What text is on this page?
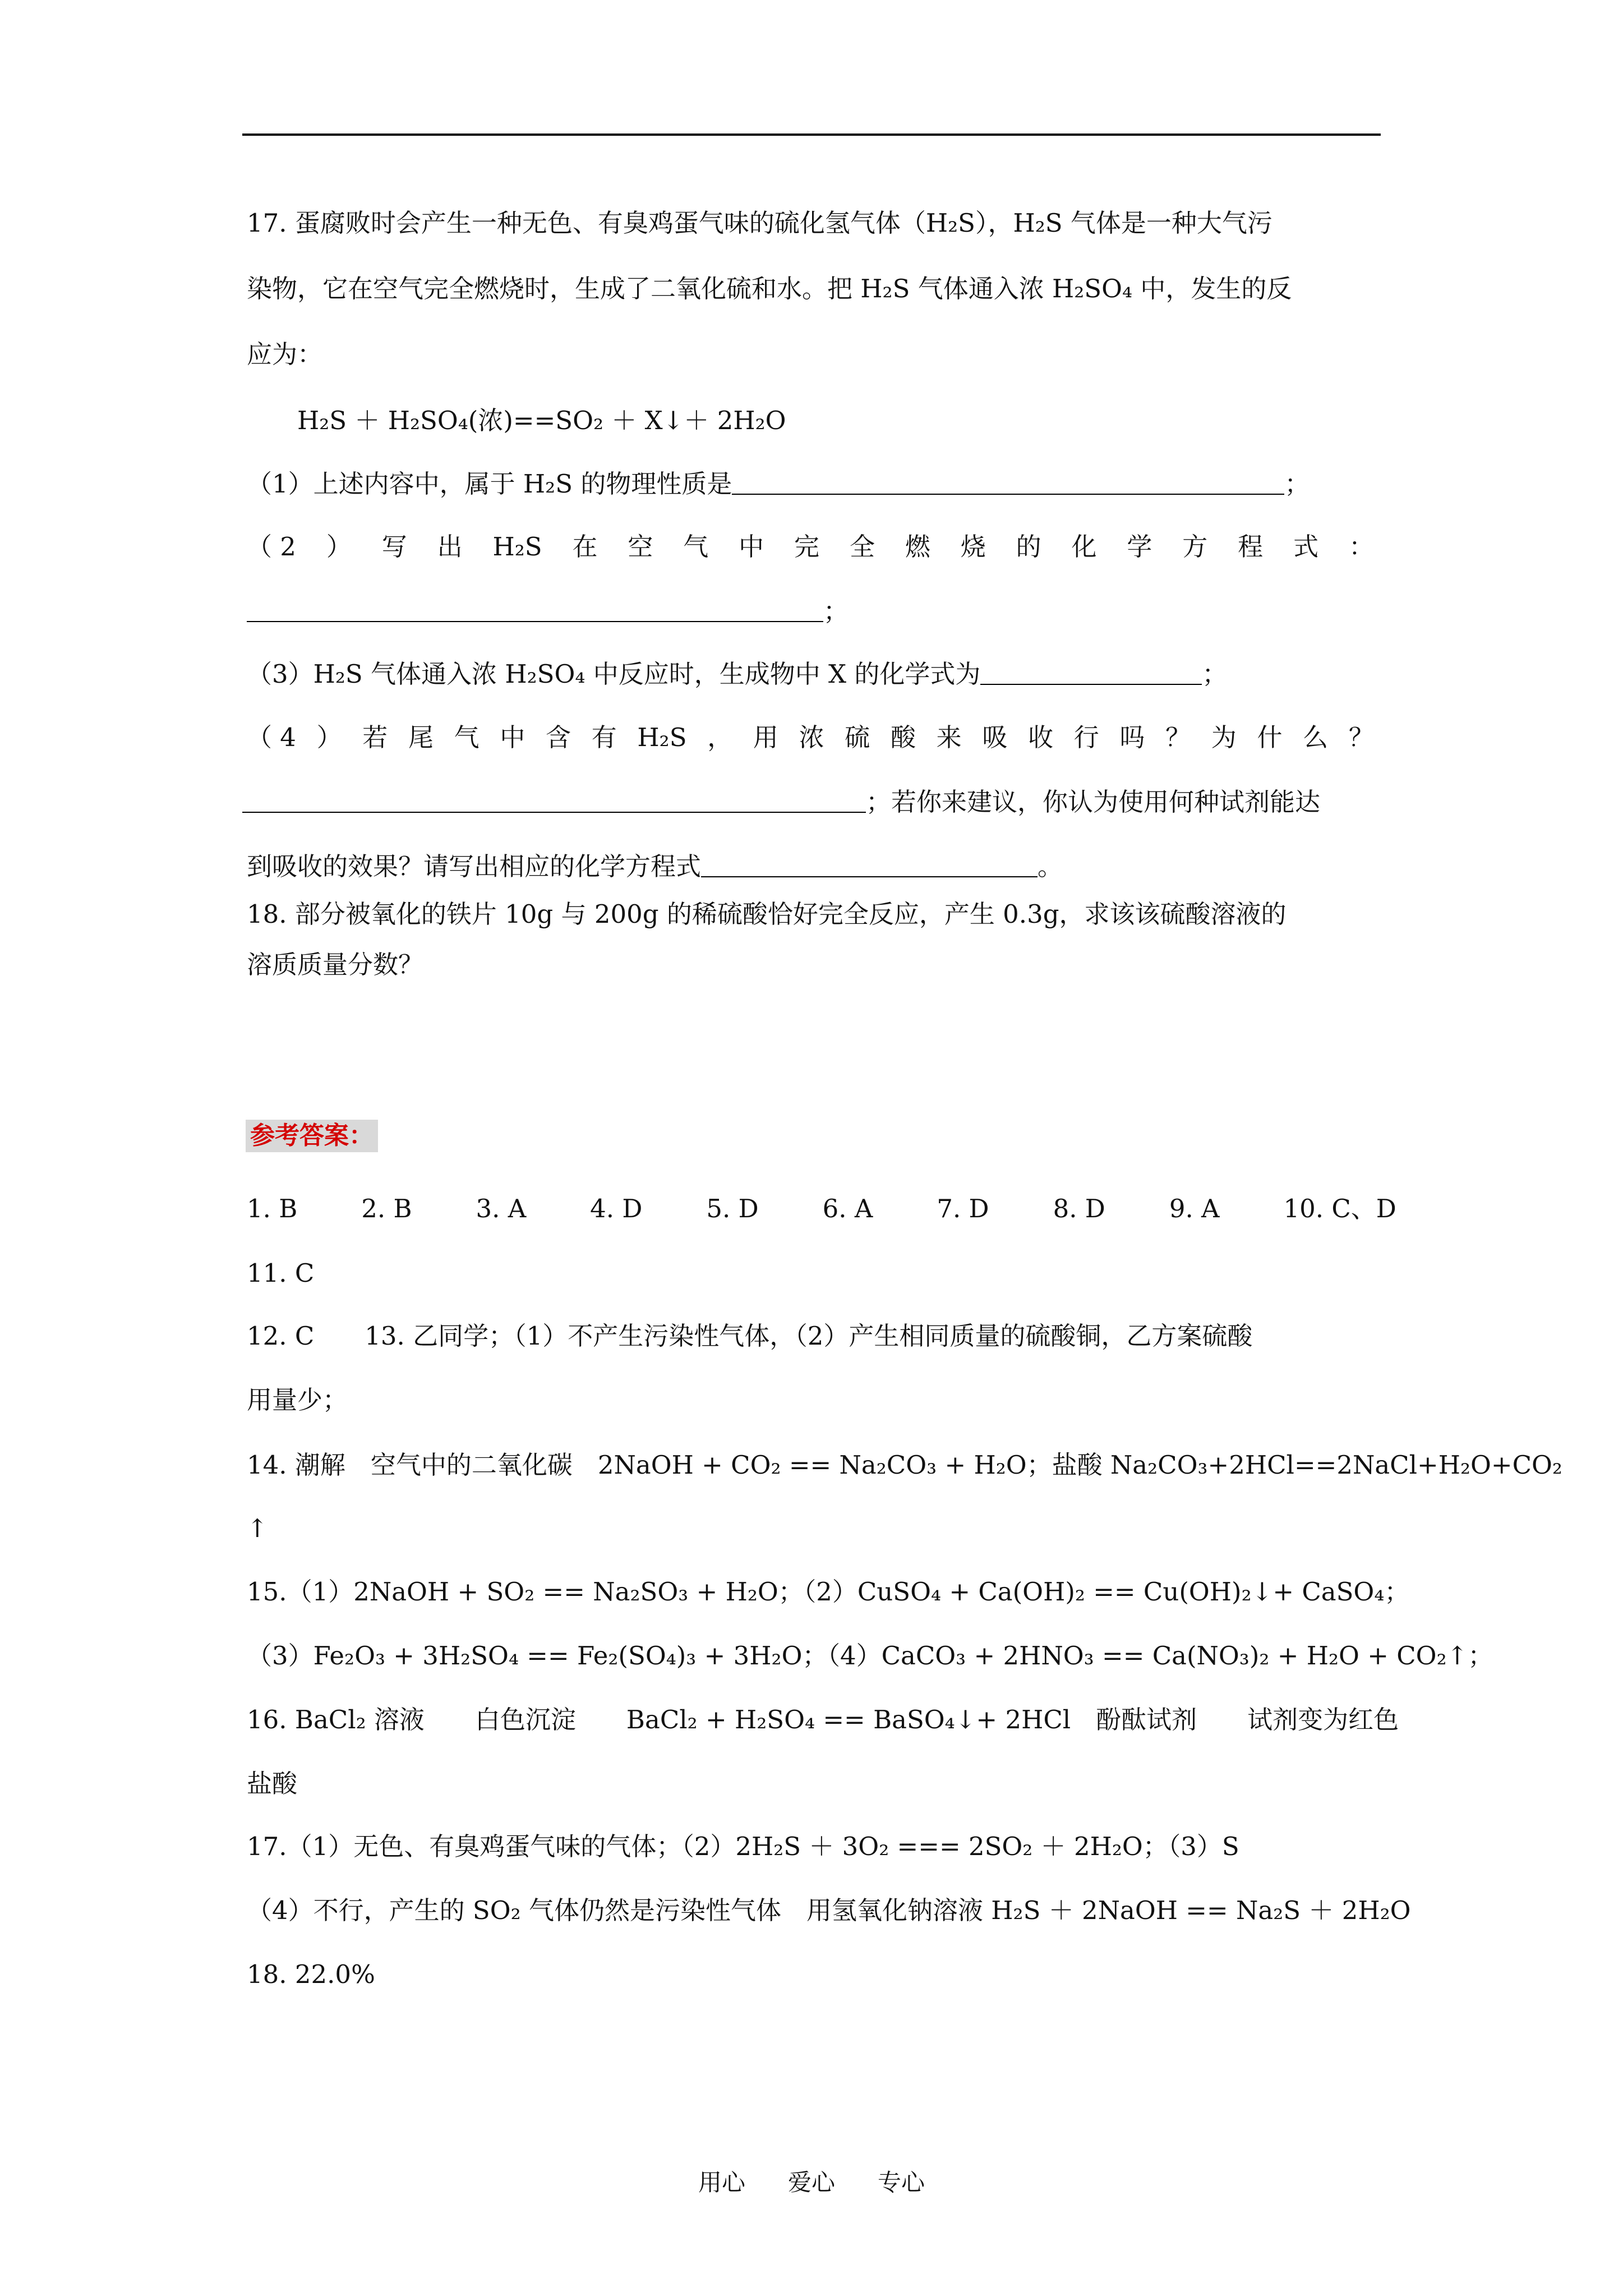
17. 蛋腐败时会产生一种无色、有臭鸡蛋气味的硫化氢气体（H₂S），H₂S 气体是一种大气污
染物，它在空气完全燃烧时，生成了二氧化硫和水。把 H₂S 气体通入浓 H₂SO₄ 中，发生的反
应为：
H₂S ＋ H₂SO₄(浓)==SO₂ ＋ X↓＋ 2H₂O
（1）上述内容中，属于 H₂S 的物理性质是	；
（ 2 ） 写 出 H₂S 在 空 气 中 完 全 燃 烧 的 化 学 方 程 式 ：
；
（3）H₂S 气体通入浓 H₂SO₄ 中反应时，生成物中 X 的化学式为	；
（ 4 ） 若 尾 气 中 含 有 H₂S ， 用 浓 硫 酸 来 吸 收 行 吗 ？ 为 什 么 ？
；若你来建议，你认为使用何种试剂能达
到吸收的效果？请写出相应的化学方程式	。
18. 部分被氧化的铁片 10g 与 200g 的稀硫酸恰好完全反应，产生 0.3g，求该该硫酸溶液的
溶质质量分数？
参考答案：
1. B	2. B	3. A	4. D	5. D	6. A	7. D	8. D	9. A	10. C、D
11. C
12. C　　13. 乙同学；（1）不产生污染性气体，（2）产生相同质量的硫酸铜，乙方案硫酸
用量少；
14. 潮解　空气中的二氧化碳　2NaOH + CO₂ == Na₂CO₃ + H₂O；盐酸 Na₂CO₃+2HCl==2NaCl+H₂O+CO₂
↑
15.（1）2NaOH + SO₂ == Na₂SO₃ + H₂O；（2）CuSO₄ + Ca(OH)₂ == Cu(OH)₂↓+ CaSO₄；
（3）Fe₂O₃ + 3H₂SO₄ == Fe₂(SO₄)₃ + 3H₂O；（4）CaCO₃ + 2HNO₃ == Ca(NO₃)₂ + H₂O + CO₂↑；
16. BaCl₂ 溶液　　白色沉淀　　BaCl₂ + H₂SO₄ == BaSO₄↓+ 2HCl　酚酞试剂　　试剂变为红色
盐酸
17.（1）无色、有臭鸡蛋气味的气体；（2）2H₂S ＋ 3O₂ === 2SO₂ ＋ 2H₂O；（3）S
（4）不行，产生的 SO₂ 气体仍然是污染性气体　用氢氧化钠溶液 H₂S ＋ 2NaOH == Na₂S ＋ 2H₂O
18. 22.0%
用心 爱心 专心
